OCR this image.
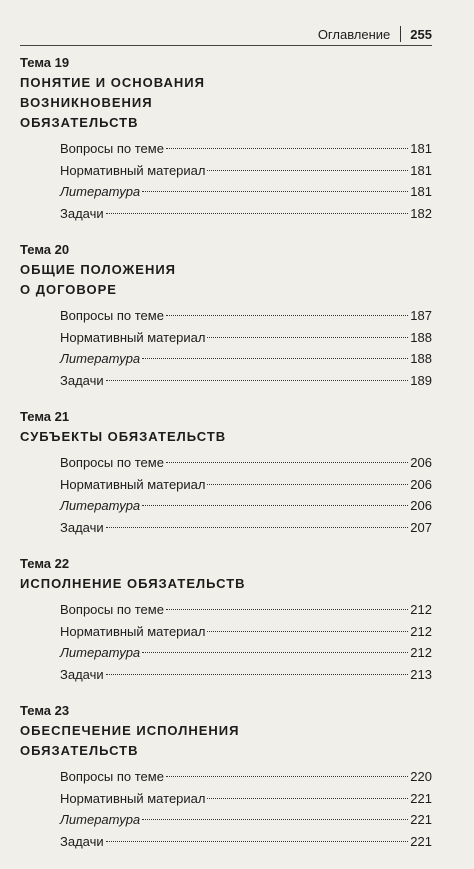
Оглавление 255
Тема 19
ПОНЯТИЕ И ОСНОВАНИЯ
ВОЗНИКНОВЕНИЯ
ОБЯЗАТЕЛЬСТВ
Вопросы по теме	181
Нормативный материал	181
Литература	181
Задачи	182
Тема 20
ОБЩИЕ ПОЛОЖЕНИЯ
О ДОГОВОРЕ
Вопросы по теме	187
Нормативный материал	188
Литература	188
Задачи	189
Тема 21
СУБЪЕКТЫ ОБЯЗАТЕЛЬСТВ
Вопросы по теме	206
Нормативный материал	206
Литература	206
Задачи	207
Тема 22
ИСПОЛНЕНИЕ ОБЯЗАТЕЛЬСТВ
Вопросы по теме	212
Нормативный материал	212
Литература	212
Задачи	213
Тема 23
ОБЕСПЕЧЕНИЕ ИСПОЛНЕНИЯ
ОБЯЗАТЕЛЬСТВ
Вопросы по теме	220
Нормативный материал	221
Литература	221
Задачи	221
